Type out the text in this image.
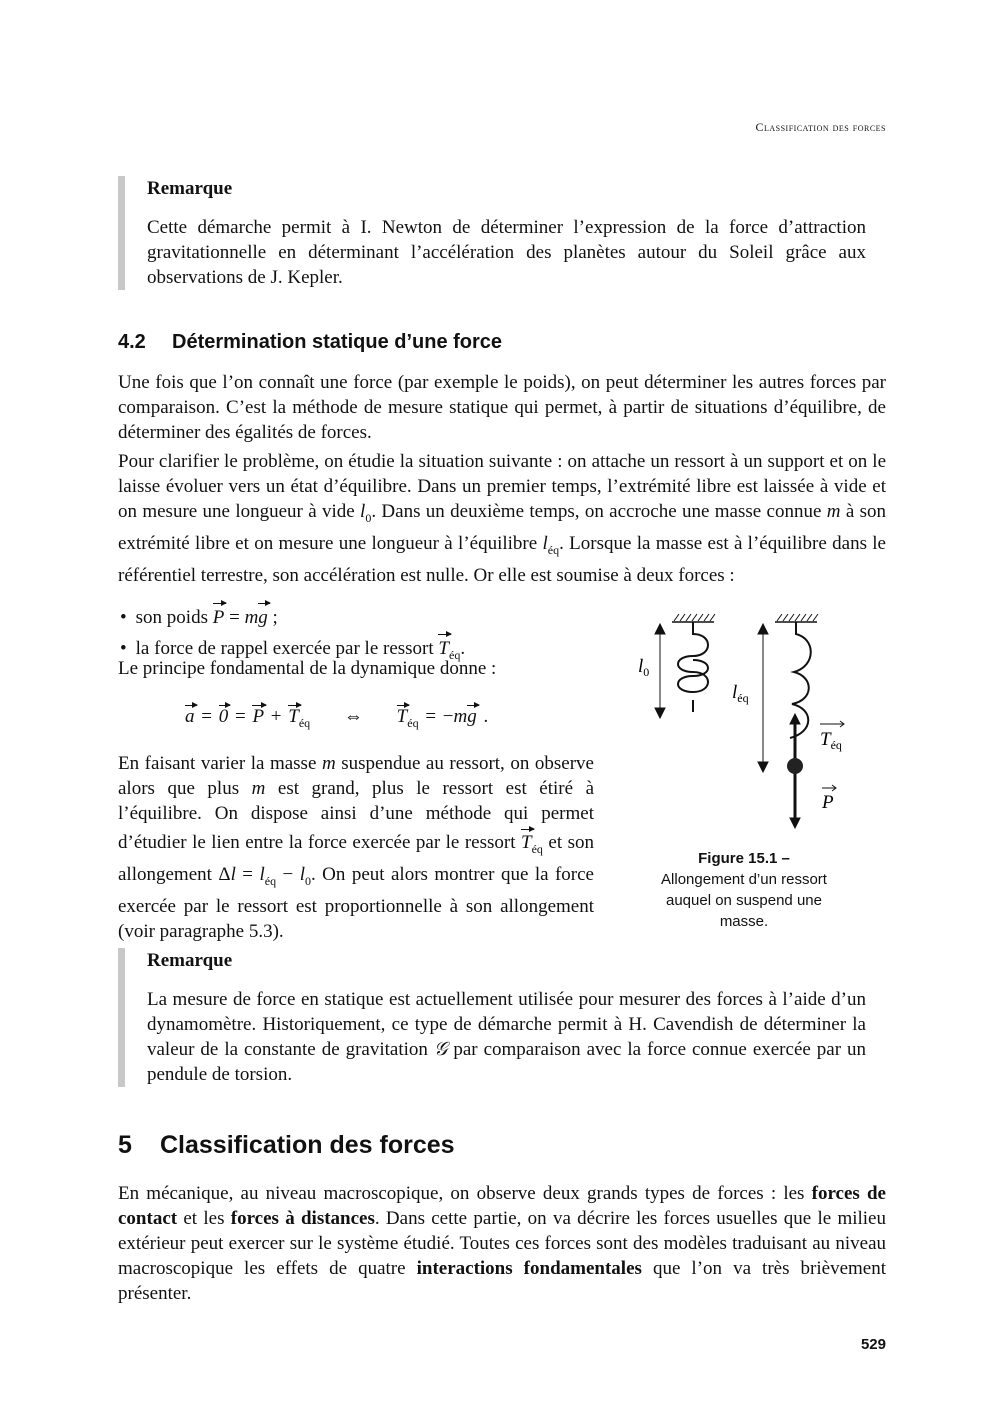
Classification des forces
Remarque

Cette démarche permit à I. Newton de déterminer l’expression de la force d’attraction gravitationnelle en déterminant l’accélération des planètes autour du Soleil grâce aux observations de J. Kepler.

4.2 Détermination statique d’une force

Une fois que l’on connaît une force (par exemple le poids), on peut déterminer les autres forces par comparaison. C’est la méthode de mesure statique qui permet, à partir de situations d’équilibre, de déterminer des égalités de forces.

Pour clarifier le problème, on étudie la situation suivante : on attache un ressort à un support et on le laisse évoluer vers un état d’équilibre. Dans un premier temps, l’extrémité libre est laissée à vide et on mesure une longueur à vide $l_0$. Dans un deuxième temps, on accroche une masse connue m à son extrémité libre et on mesure une longueur à l’équilibre $l_{éq}$. Lorsque la masse est à l’équilibre dans le référentiel terrestre, son accélération est nulle. Or elle est soumise à deux forces :

• son poids P = mg ;
• la force de rappel exercée par le ressort $T_{éq}$.

Le principe fondamental de la dynamique donne :

$a = 0 = P + T_{éq}$     ⇔     $T_{éq} = -mg$ .

En faisant varier la masse m suspendue au ressort, on observe alors que plus m est grand, plus le ressort est étiré à l’équilibre. On dispose ainsi d’une méthode qui permet d’étudier le lien entre la force exercée par le ressort $T_{éq}$ et son allongement $\Delta l = l_{éq} - l_0$. On peut alors montrer que la force exercée par le ressort est proportionnelle à son allongement (voir paragraphe 5.3).

$l_0$
$l_{éq}$
$T_{éq}$
P
Figure 15.1 –
Allongement d’un ressort auquel on suspend une masse.
Remarque

La mesure de force en statique est actuellement utilisée pour mesurer des forces à l’aide d’un dynamomètre. Historiquement, ce type de démarche permit à H. Cavendish de déterminer la valeur de la constante de gravitation 𝒢 par comparaison avec la force connue exercée par un pendule de torsion.

5 Classification des forces

En mécanique, au niveau macroscopique, on observe deux grands types de forces : les forces de contact et les forces à distances. Dans cette partie, on va décrire les forces usuelles que le milieu extérieur peut exercer sur le système étudié. Toutes ces forces sont des modèles traduisant au niveau macroscopique les effets de quatre interactions fondamentales que l’on va très brièvement présenter.

529
